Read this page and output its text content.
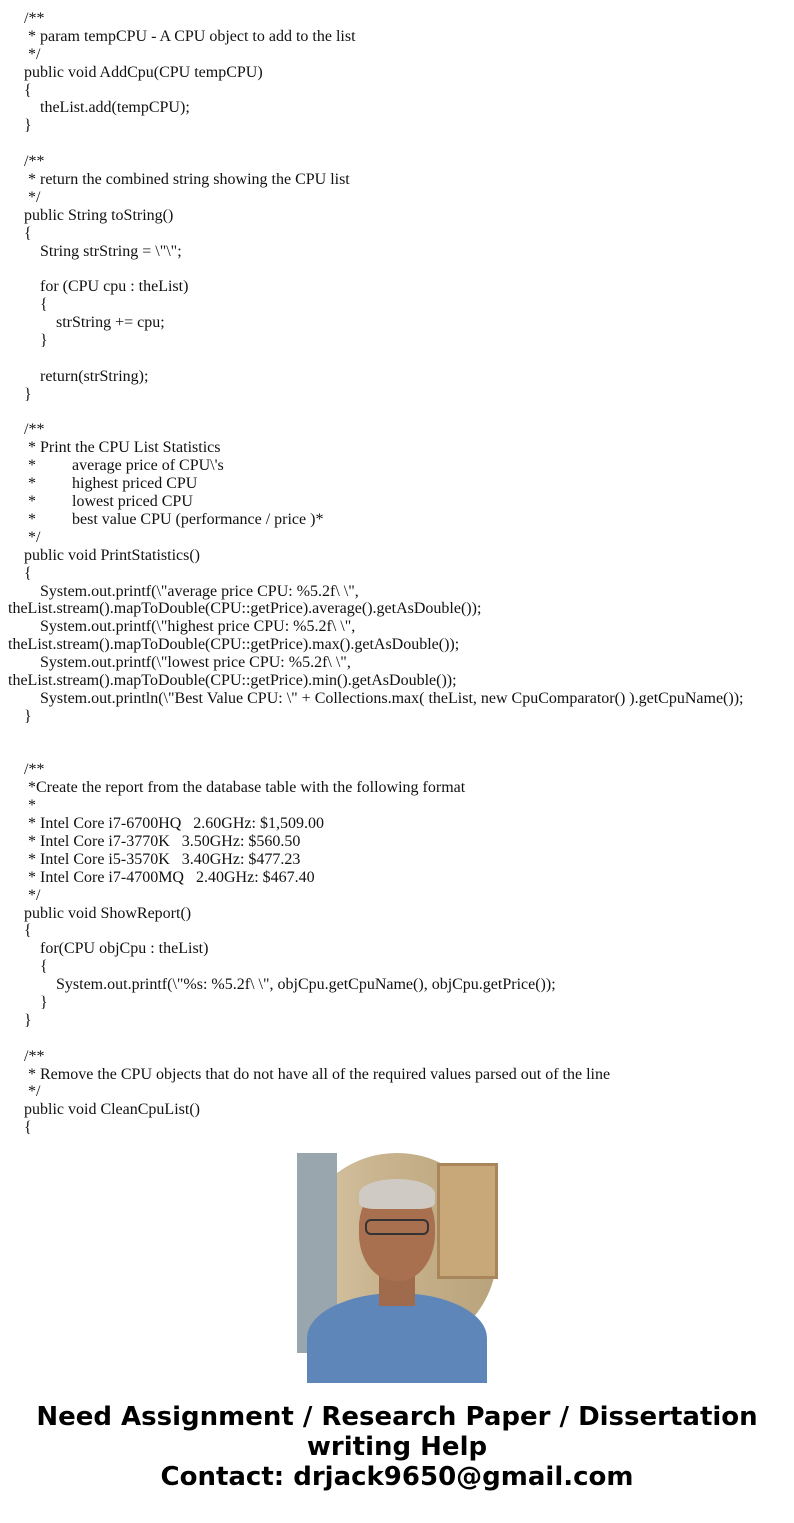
/**
* param tempCPU - A CPU object to add to the list
*/
public void AddCpu(CPU tempCPU)
{
theList.add(tempCPU);
}
/**
* return the combined string showing the CPU list
*/
public String toString()
{
String strString = \"\";
for (CPU cpu : theList)
{
strString += cpu;
}
return(strString);
}
/**
* Print the CPU List Statistics
*         average price of CPU\'s
*         highest priced CPU
*         lowest priced CPU
*         best value CPU (performance / price )*
*/
public void PrintStatistics()
{
System.out.printf(\"average price CPU: %5.2f\ \",
theList.stream().mapToDouble(CPU::getPrice).average().getAsDouble());
System.out.printf(\"highest price CPU: %5.2f\ \",
theList.stream().mapToDouble(CPU::getPrice).max().getAsDouble());
System.out.printf(\"lowest price CPU: %5.2f\ \",
theList.stream().mapToDouble(CPU::getPrice).min().getAsDouble());
System.out.println(\"Best Value CPU: \" + Collections.max( theList, new CpuComparator() ).getCpuName());
}
/**
*Create the report from the database table with the following format
*
* Intel Core i7-6700HQ   2.60GHz: $1,509.00
* Intel Core i7-3770K   3.50GHz: $560.50
* Intel Core i5-3570K   3.40GHz: $477.23
* Intel Core i7-4700MQ   2.40GHz: $467.40
*/
public void ShowReport()
{
for(CPU objCpu : theList)
{
System.out.printf(\"%s: %5.2f\ \", objCpu.getCpuName(), objCpu.getPrice());
}
}
/**
* Remove the CPU objects that do not have all of the required values parsed out of the line
*/
public void CleanCpuList()
{
Need Assignment / Research Paper / Dissertation
writing Help
Contact: drjack9650@gmail.com
